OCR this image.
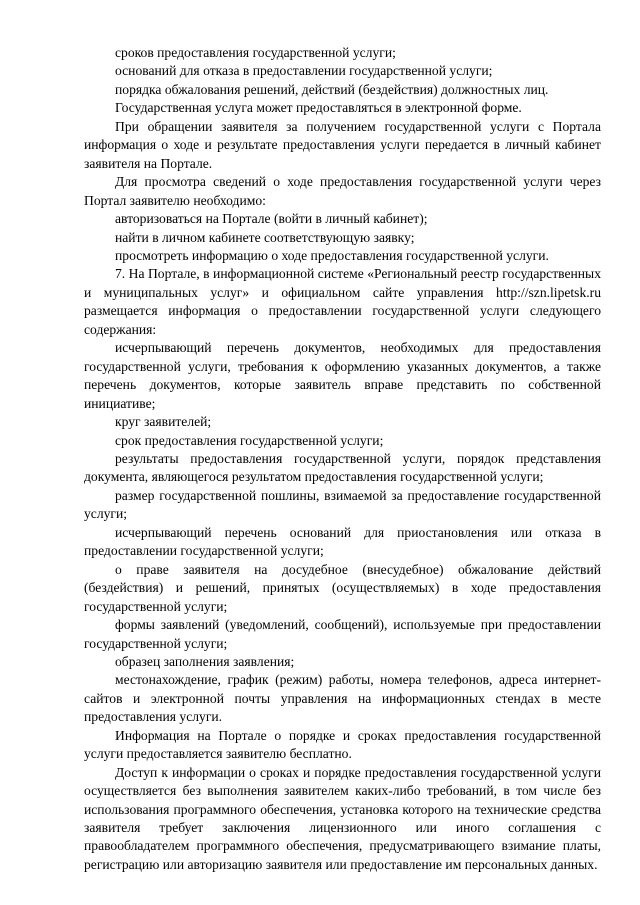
сроков предоставления государственной услуги;

оснований для отказа в предоставлении государственной услуги;

порядка обжалования решений, действий (бездействия) должностных лиц.

Государственная услуга может предоставляться в электронной форме.

При обращении заявителя за получением государственной услуги с Портала информация о ходе и результате предоставления услуги передается в личный кабинет заявителя на Портале.

Для просмотра сведений о ходе предоставления государственной услуги через Портал заявителю необходимо:

авторизоваться на Портале (войти в личный кабинет);

найти в личном кабинете соответствующую заявку;

просмотреть информацию о ходе предоставления государственной услуги.

7. На Портале, в информационной системе «Региональный реестр государственных и муниципальных услуг» и официальном сайте управления http://szn.lipetsk.ru размещается информация о предоставлении государственной услуги следующего содержания:

исчерпывающий перечень документов, необходимых для предоставления государственной услуги, требования к оформлению указанных документов, а также перечень документов, которые заявитель вправе представить по собственной инициативе;

круг заявителей;

срок предоставления государственной услуги;

результаты предоставления государственной услуги, порядок представления документа, являющегося результатом предоставления государственной услуги;

размер государственной пошлины, взимаемой за предоставление государственной услуги;

исчерпывающий перечень оснований для приостановления или отказа в предоставлении государственной услуги;

о праве заявителя на досудебное (внесудебное) обжалование действий (бездействия) и решений, принятых (осуществляемых) в ходе предоставления государственной услуги;

формы заявлений (уведомлений, сообщений), используемые при предоставлении государственной услуги;

образец заполнения заявления;

местонахождение, график (режим) работы, номера телефонов, адреса интернет-сайтов и электронной почты управления на информационных стендах в месте предоставления услуги.

Информация на Портале о порядке и сроках предоставления государственной услуги предоставляется заявителю бесплатно.

Доступ к информации о сроках и порядке предоставления государственной услуги осуществляется без выполнения заявителем каких-либо требований, в том числе без использования программного обеспечения, установка которого на технические средства заявителя требует заключения лицензионного или иного соглашения с правообладателем программного обеспечения, предусматривающего взимание платы, регистрацию или авторизацию заявителя или предоставление им персональных данных.
